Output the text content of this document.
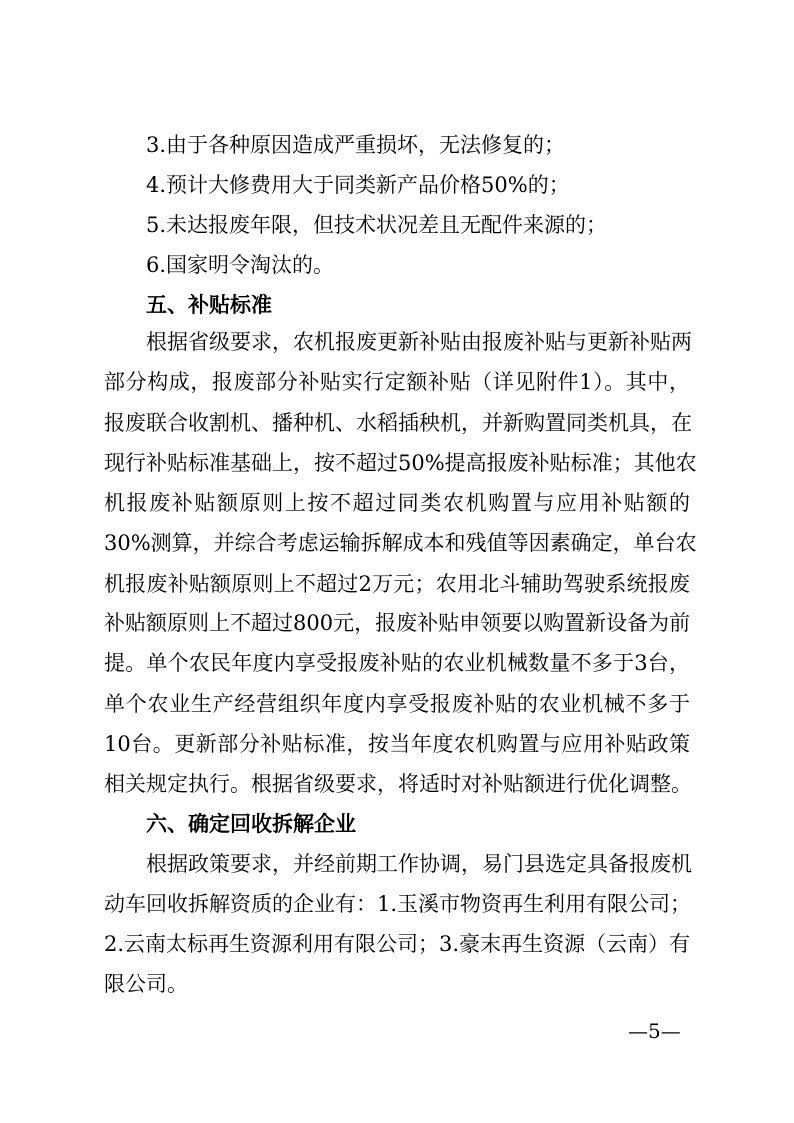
3.由于各种原因造成严重损坏，无法修复的；
4.预计大修费用大于同类新产品价格50%的；
5.未达报废年限，但技术状况差且无配件来源的；
6.国家明令淘汰的。
五、补贴标准
根据省级要求，农机报废更新补贴由报废补贴与更新补贴两
部分构成，报废部分补贴实行定额补贴（详见附件1）。其中，
报废联合收割机、播种机、水稻插秧机，并新购置同类机具，在
现行补贴标准基础上，按不超过50%提高报废补贴标准；其他农
机报废补贴额原则上按不超过同类农机购置与应用补贴额的
30%测算，并综合考虑运输拆解成本和残值等因素确定，单台农
机报废补贴额原则上不超过2万元；农用北斗辅助驾驶系统报废
补贴额原则上不超过800元，报废补贴申领要以购置新设备为前
提。单个农民年度内享受报废补贴的农业机械数量不多于3台，
单个农业生产经营组织年度内享受报废补贴的农业机械不多于
10台。更新部分补贴标准，按当年度农机购置与应用补贴政策
相关规定执行。根据省级要求，将适时对补贴额进行优化调整。
六、确定回收拆解企业
根据政策要求，并经前期工作协调，易门县选定具备报废机
动车回收拆解资质的企业有：1.玉溪市物资再生利用有限公司；
2.云南太标再生资源利用有限公司；3.豪末再生资源（云南）有
限公司。
—5—
